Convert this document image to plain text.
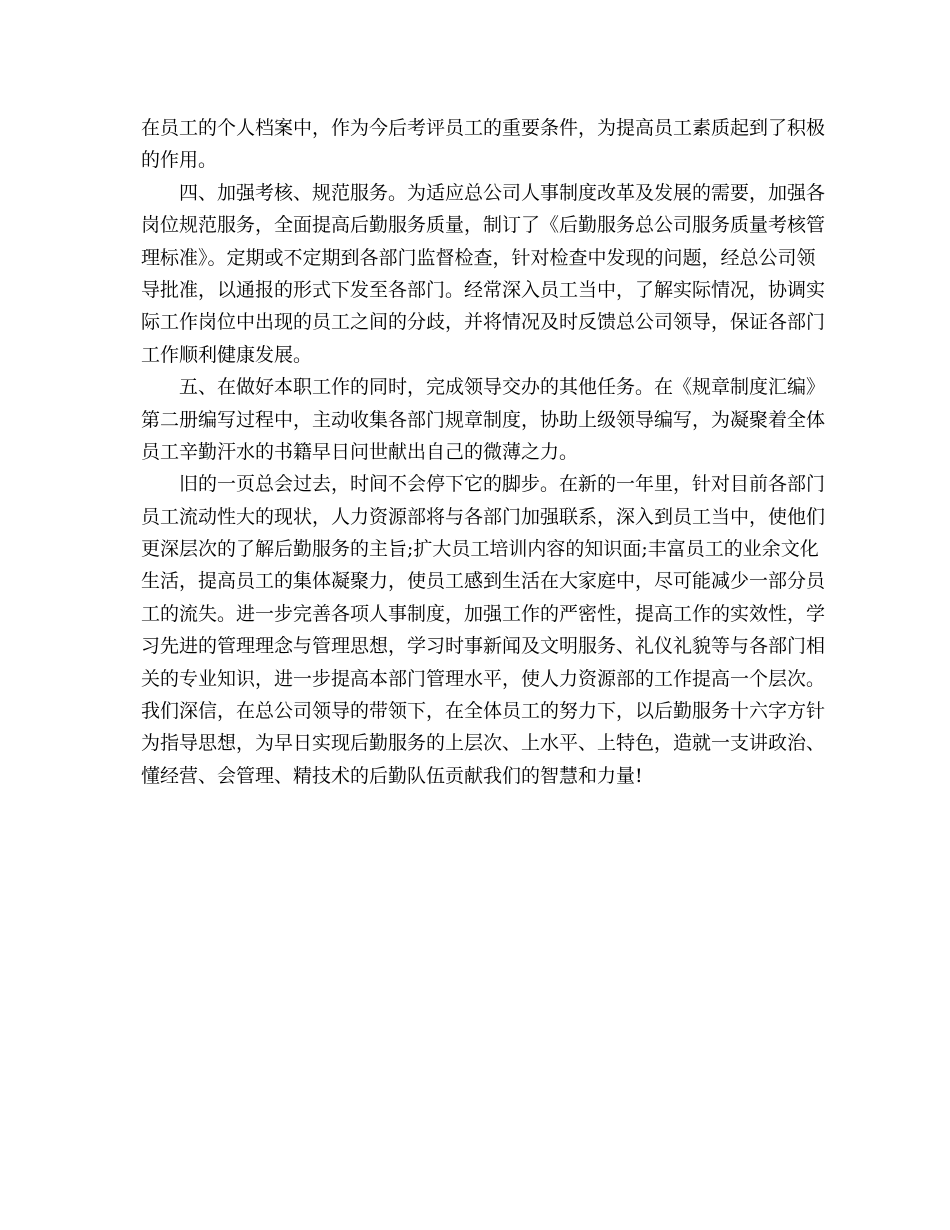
在员工的个人档案中，作为今后考评员工的重要条件，为提高员工素质起到了积极
的作用。
四、加强考核、规范服务。为适应总公司人事制度改革及发展的需要，加强各
岗位规范服务，全面提高后勤服务质量，制订了《后勤服务总公司服务质量考核管
理标准》。定期或不定期到各部门监督检查，针对检查中发现的问题，经总公司领
导批准，以通报的形式下发至各部门。经常深入员工当中，了解实际情况，协调实
际工作岗位中出现的员工之间的分歧，并将情况及时反馈总公司领导，保证各部门
工作顺利健康发展。
五、在做好本职工作的同时，完成领导交办的其他任务。在《规章制度汇编》
第二册编写过程中，主动收集各部门规章制度，协助上级领导编写，为凝聚着全体
员工辛勤汗水的书籍早日问世献出自己的微薄之力。
旧的一页总会过去，时间不会停下它的脚步。在新的一年里，针对目前各部门
员工流动性大的现状，人力资源部将与各部门加强联系，深入到员工当中，使他们
更深层次的了解后勤服务的主旨;扩大员工培训内容的知识面;丰富员工的业余文化
生活，提高员工的集体凝聚力，使员工感到生活在大家庭中，尽可能减少一部分员
工的流失。进一步完善各项人事制度，加强工作的严密性，提高工作的实效性，学
习先进的管理理念与管理思想，学习时事新闻及文明服务、礼仪礼貌等与各部门相
关的专业知识，进一步提高本部门管理水平，使人力资源部的工作提高一个层次。
我们深信，在总公司领导的带领下，在全体员工的努力下，以后勤服务十六字方针
为指导思想，为早日实现后勤服务的上层次、上水平、上特色，造就一支讲政治、
懂经营、会管理、精技术的后勤队伍贡献我们的智慧和力量!
